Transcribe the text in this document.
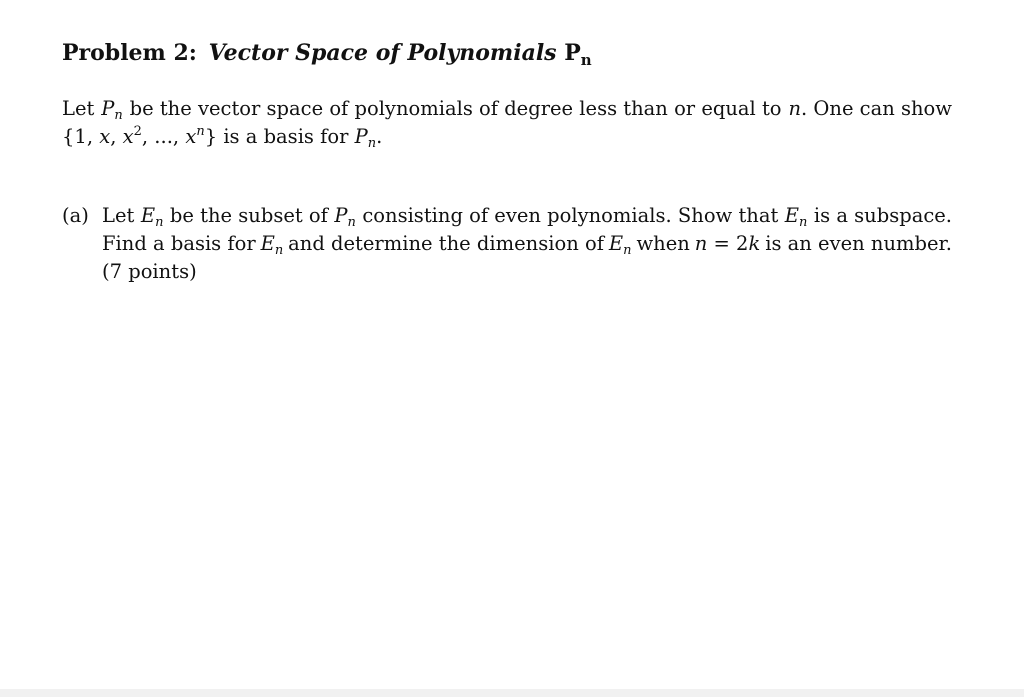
Problem 2: Vector Space of Polynomials $P_n$
Let $P_n$ be the vector space of polynomials of degree less than or equal to n. One can show
{1, x, $x^2$, ..., $x^n$} is a basis for $P_n$.
(a) Let $E_n$ be the subset of $P_n$ consisting of even polynomials. Show that $E_n$ is a subspace.
Find a basis for $E_n$ and determine the dimension of $E_n$ when n = 2k is an even number.
(7 points)
